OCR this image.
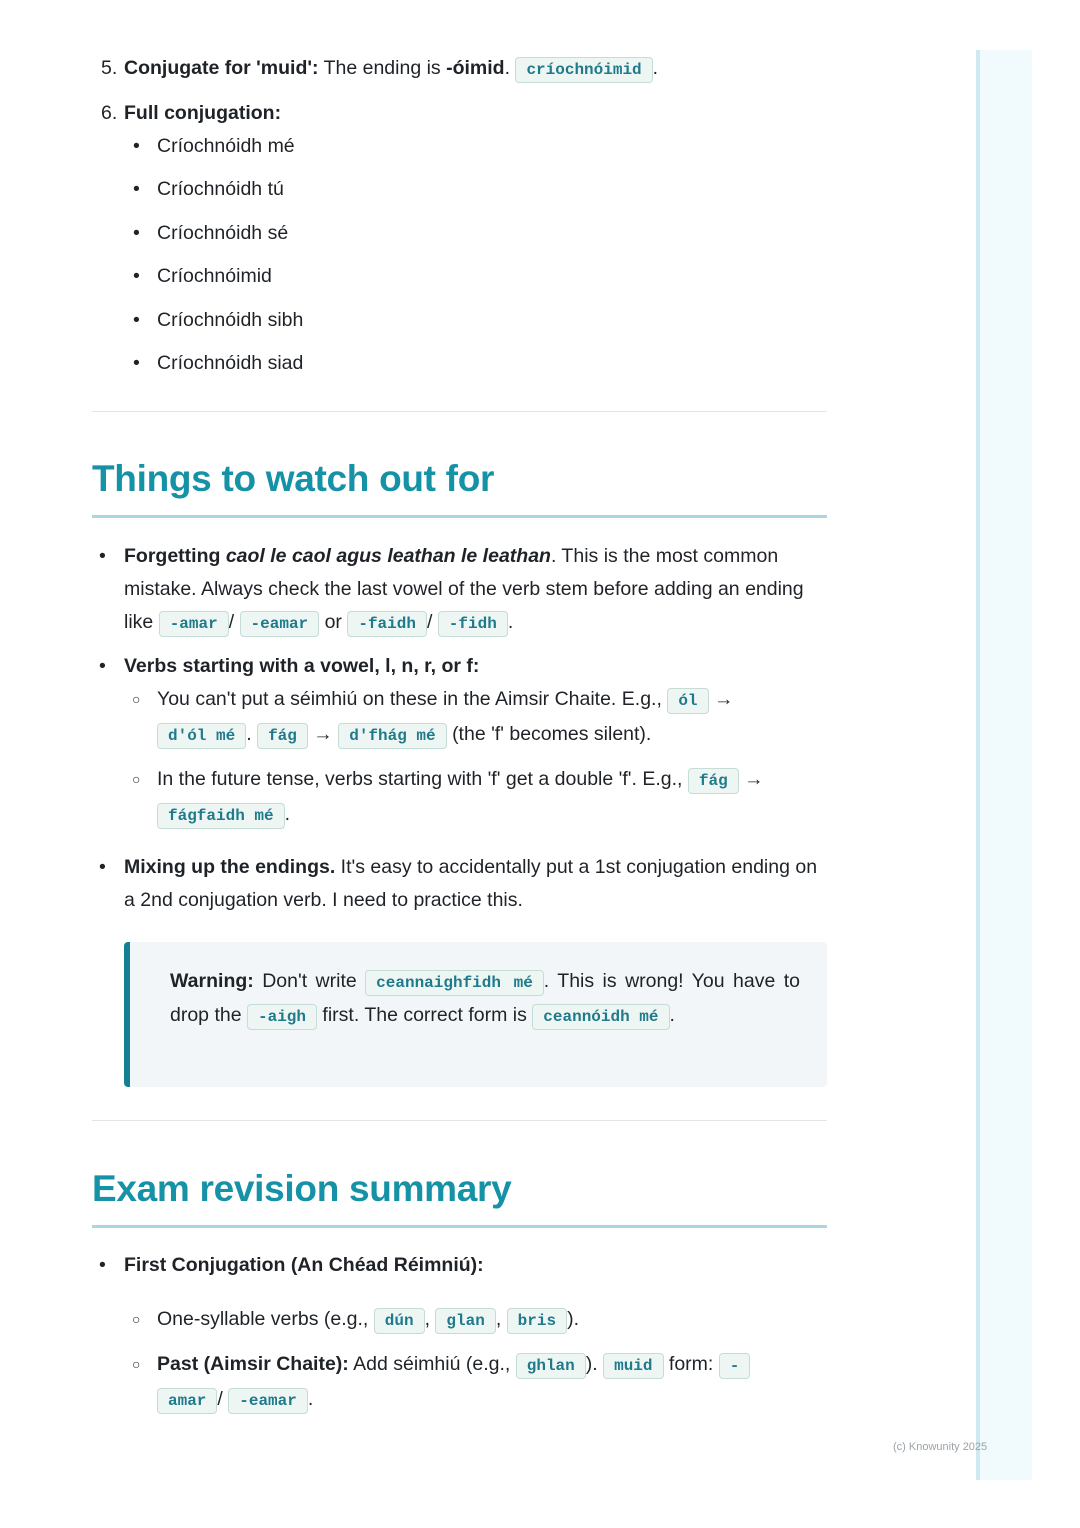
5. Conjugate for 'muid': The ending is -óimid. críochnóimid .
6. Full conjugation:
• Críochnóidh mé
• Críochnóidh tú
• Críochnóidh sé
• Críochnóimid
• Críochnóidh sibh
• Críochnóidh siad
Things to watch out for
• Forgetting caol le caol agus leathan le leathan. This is the most common mistake. Always check the last vowel of the verb stem before adding an ending like -amar / -eamar or -faidh / -fidh .
• Verbs starting with a vowel, l, n, r, or f:
○ You can't put a séimhiú on these in the Aimsir Chaite. E.g., ól → d'ól mé . fág → d'fhág mé (the 'f' becomes silent).
○ In the future tense, verbs starting with 'f' get a double 'f'. E.g., fág → fágfaidh mé .
• Mixing up the endings. It's easy to accidentally put a 1st conjugation ending on a 2nd conjugation verb. I need to practice this.
Warning: Don't write ceannaighfidh mé . This is wrong! You have to drop the -aigh first. The correct form is ceannóidh mé .
Exam revision summary
• First Conjugation (An Chéad Réimniú):
○ One-syllable verbs (e.g., dún , glan , bris ).
○ Past (Aimsir Chaite): Add séimhiú (e.g., ghlan ). muid form: -
amar / -eamar .
(c) Knowunity 2025
